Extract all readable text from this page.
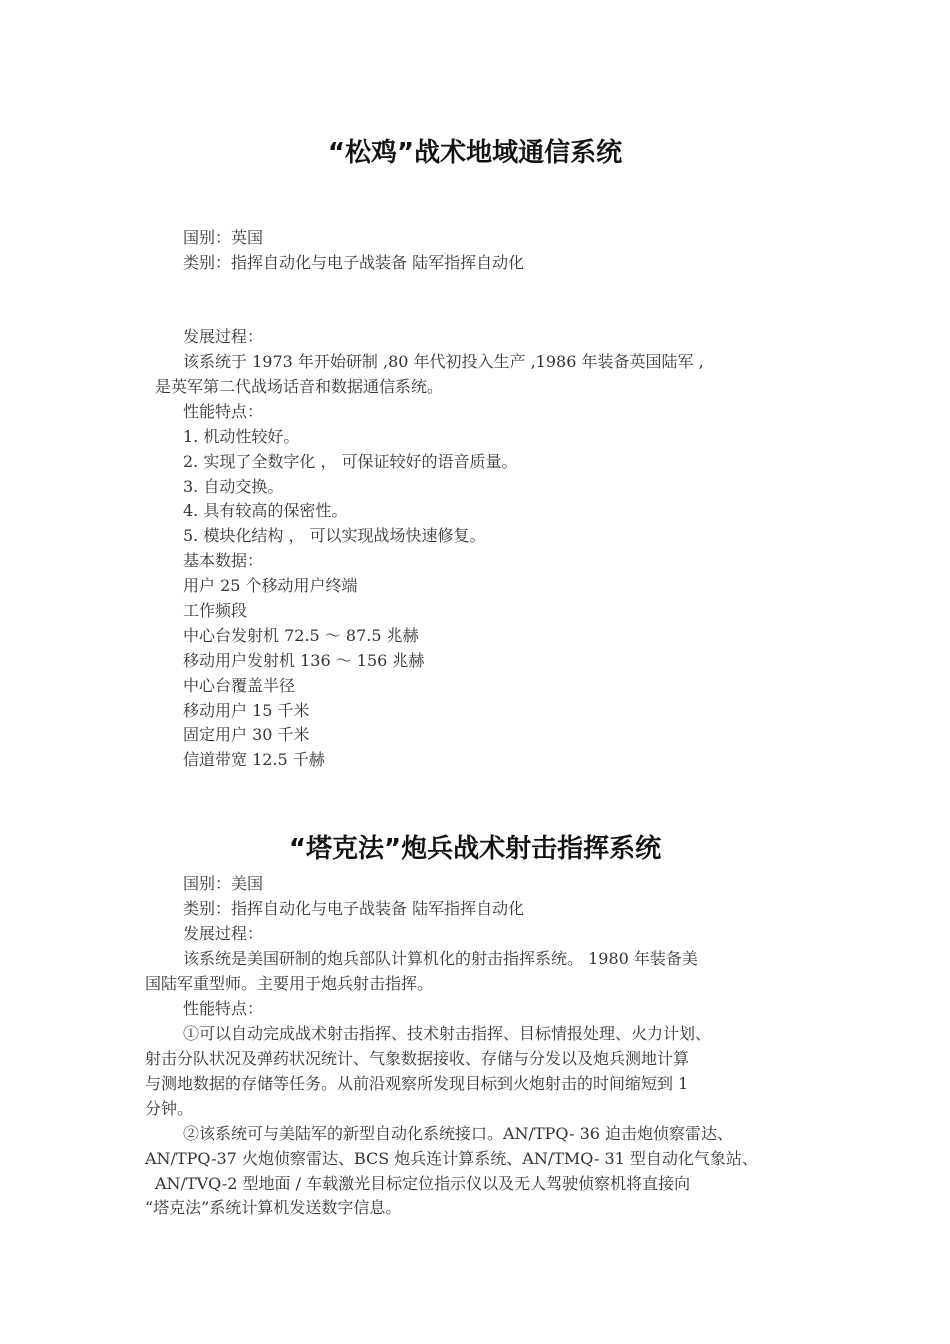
“松鸡”战术地域通信系统
国别：英国
类别：指挥自动化与电子战装备 陆军指挥自动化
发展过程：
该系统于 1973 年开始研制 ,80 年代初投入生产 ,1986 年装备英国陆军 ,
是英军第二代战场话音和数据通信系统。
性能特点：
1. 机动性较好。
2. 实现了全数字化 ， 可保证较好的语音质量。
3. 自动交换。
4. 具有较高的保密性。
5. 模块化结构 ， 可以实现战场快速修复。
基本数据：
用户 25 个移动用户终端
工作频段
中心台发射机 72.5 ～ 87.5 兆赫
移动用户发射机 136 ～ 156 兆赫
中心台覆盖半径
移动用户 15 千米
固定用户 30 千米
信道带宽 12.5 千赫
“塔克法”炮兵战术射击指挥系统
国别：美国
类别：指挥自动化与电子战装备 陆军指挥自动化
发展过程：
该系统是美国研制的炮兵部队计算机化的射击指挥系统。 1980 年装备美
国陆军重型师。主要用于炮兵射击指挥。
性能特点：
①可以自动完成战术射击指挥、技术射击指挥、目标情报处理、火力计划、
射击分队状况及弹药状况统计、气象数据接收、存储与分发以及炮兵测地计算
与测地数据的存储等任务。从前沿观察所发现目标到火炮射击的时间缩短到 1
分钟。
②该系统可与美陆军的新型自动化系统接口。AN/TPQ- 36 迫击炮侦察雷达、
AN/TPQ-37 火炮侦察雷达、BCS 炮兵连计算系统、AN/TMQ- 31 型自动化气象站、
AN/TVQ-2 型地面 / 车载激光目标定位指示仪以及无人驾驶侦察机将直接向
“塔克法”系统计算机发送数字信息。
